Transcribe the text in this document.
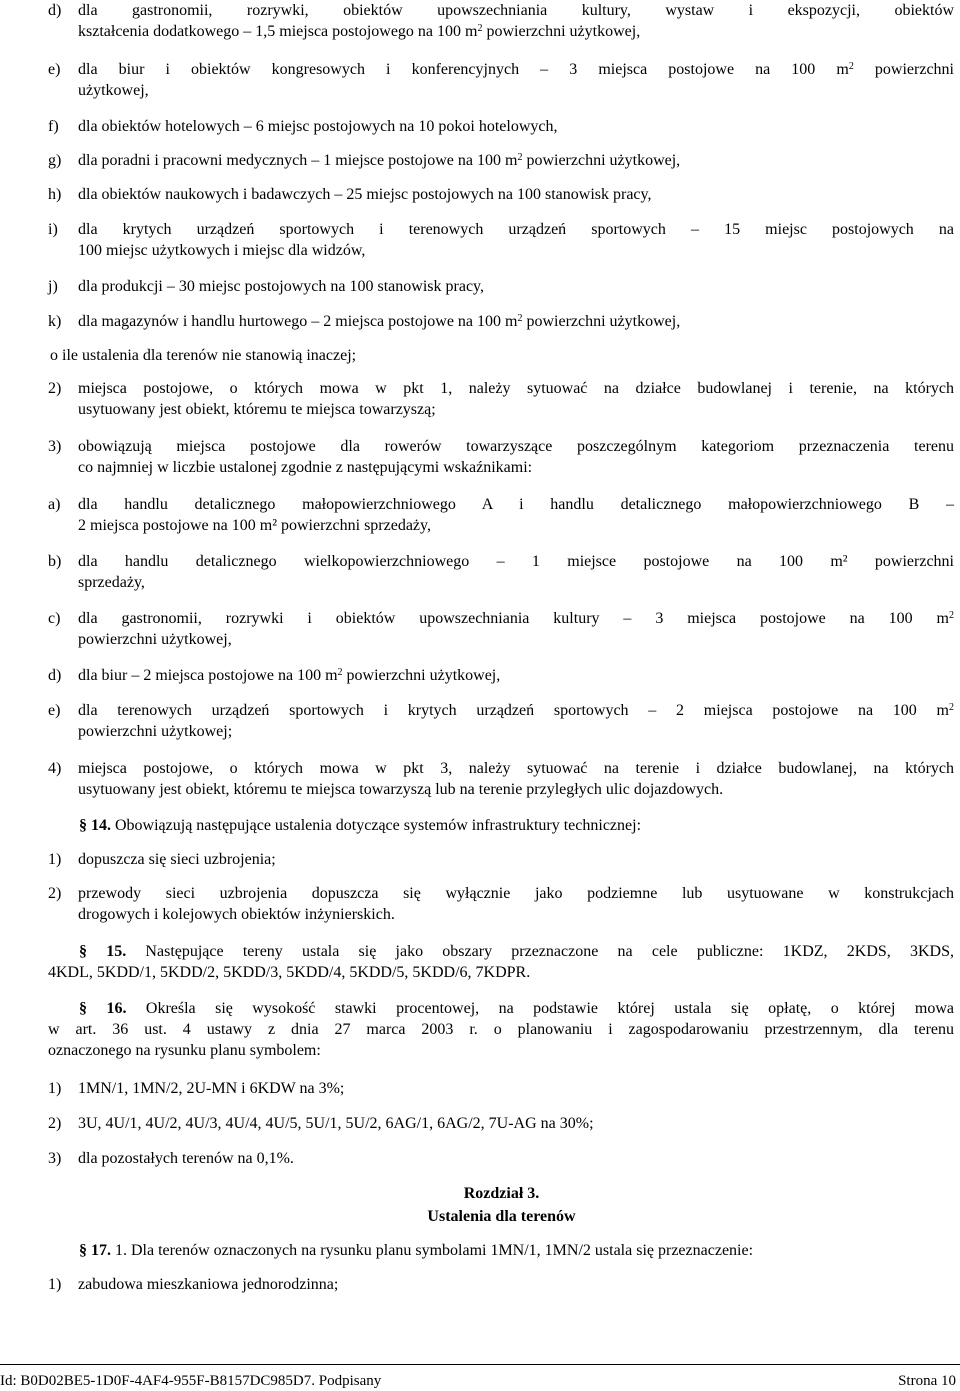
d) dla gastronomii, rozrywki, obiektów upowszechniania kultury, wystaw i ekspozycji, obiektów

kształcenia dodatkowego – 1,5 miejsca postojowego na 100 $m^2$ powierzchni użytkowej,

e) dla biur i obiektów kongresowych i konferencyjnych – 3 miejsca postojowe na 100 $m^2$ powierzchni

użytkowej,

f) dla obiektów hotelowych – 6 miejsc postojowych na 10 pokoi hotelowych,

g) dla poradni i pracowni medycznych – 1 miejsce postojowe na 100 $m^2$ powierzchni użytkowej,

h) dla obiektów naukowych i badawczych – 25 miejsc postojowych na 100 stanowisk pracy,

i) dla krytych urządzeń sportowych i terenowych urządzeń sportowych – 15 miejsc postojowych na

100 miejsc użytkowych i miejsc dla widzów,

j) dla produkcji – 30 miejsc postojowych na 100 stanowisk pracy,

k) dla magazynów i handlu hurtowego – 2 miejsca postojowe na 100 $m^2$ powierzchni użytkowej,

o ile ustalenia dla terenów nie stanowią inaczej;

2) miejsca postojowe, o których mowa w pkt 1, należy sytuować na działce budowlanej i terenie, na których

usytuowany jest obiekt, któremu te miejsca towarzyszą;

3) obowiązują miejsca postojowe dla rowerów towarzyszące poszczególnym kategoriom przeznaczenia terenu

co najmniej w liczbie ustalonej zgodnie z następującymi wskaźnikami:

a) dla handlu detalicznego małopowierzchniowego A i handlu detalicznego małopowierzchniowego B –

2 miejsca postojowe na 100 m² powierzchni sprzedaży,

b) dla handlu detalicznego wielkopowierzchniowego – 1 miejsce postojowe na 100 m² powierzchni

sprzedaży,

c) dla gastronomii, rozrywki i obiektów upowszechniania kultury – 3 miejsca postojowe na 100 $m^2$

powierzchni użytkowej,

d) dla biur – 2 miejsca postojowe na 100 $m^2$ powierzchni użytkowej,

e) dla terenowych urządzeń sportowych i krytych urządzeń sportowych – 2 miejsca postojowe na 100 $m^2$

powierzchni użytkowej;

4) miejsca postojowe, o których mowa w pkt 3, należy sytuować na terenie i działce budowlanej, na których

usytuowany jest obiekt, któremu te miejsca towarzyszą lub na terenie przyległych ulic dojazdowych.

§ 14. Obowiązują następujące ustalenia dotyczące systemów infrastruktury technicznej:

1) dopuszcza się sieci uzbrojenia;

2) przewody sieci uzbrojenia dopuszcza się wyłącznie jako podziemne lub usytuowane w konstrukcjach

drogowych i kolejowych obiektów inżynierskich.

§ 15. Następujące tereny ustala się jako obszary przeznaczone na cele publiczne: 1KDZ, 2KDS, 3KDS,

4KDL, 5KDD/1, 5KDD/2, 5KDD/3, 5KDD/4, 5KDD/5, 5KDD/6, 7KDPR.

§ 16. Określa się wysokość stawki procentowej, na podstawie której ustala się opłatę, o której mowa

w art. 36 ust. 4 ustawy z dnia 27 marca 2003 r. o planowaniu i zagospodarowaniu przestrzennym, dla terenu

oznaczonego na rysunku planu symbolem:

1) 1MN/1, 1MN/2, 2U-MN i 6KDW na 3%;

2) 3U, 4U/1, 4U/2, 4U/3, 4U/4, 4U/5, 5U/1, 5U/2, 6AG/1, 6AG/2, 7U-AG na 30%;

3) dla pozostałych terenów na 0,1%.

Rozdział 3.
Ustalenia dla terenów

§ 17. 1. Dla terenów oznaczonych na rysunku planu symbolami 1MN/1, 1MN/2 ustala się przeznaczenie:

1) zabudowa mieszkaniowa jednorodzinna;

Id: B0D02BE5-1D0F-4AF4-955F-B8157DC985D7. Podpisany	Strona 10
